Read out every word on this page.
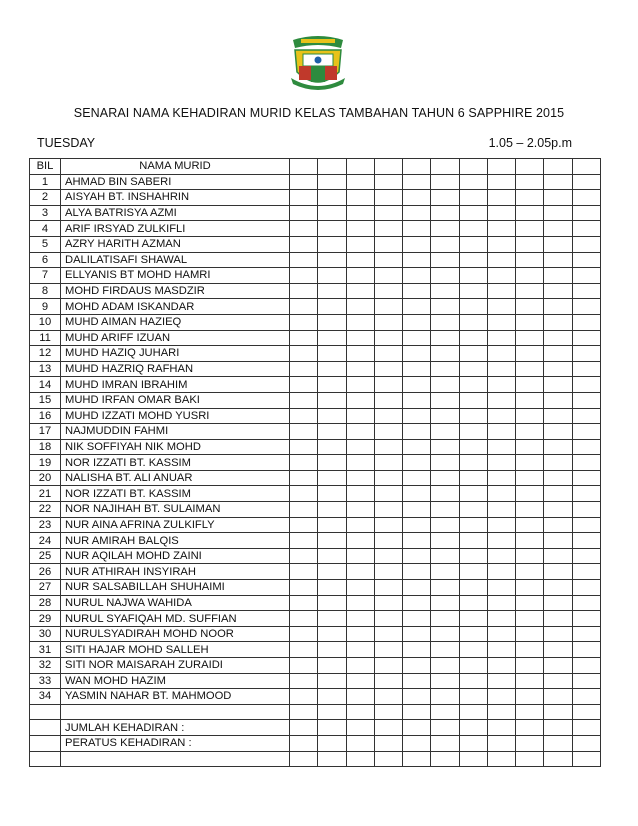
SENARAI NAMA KEHADIRAN MURID KELAS TAMBAHAN TAHUN 6 SAPPHIRE 2015
TUESDAY	1.05 – 2.05p.m
BIL	NAMA MURID											
1	AHMAD BIN SABERI											
2	AISYAH BT. INSHAHRIN											
3	ALYA BATRISYA AZMI											
4	ARIF IRSYAD ZULKIFLI											
5	AZRY HARITH AZMAN											
6	DALILATISAFI SHAWAL											
7	ELLYANIS BT MOHD HAMRI											
8	MOHD FIRDAUS MASDZIR											
9	MOHD ADAM ISKANDAR											
10	MUHD AIMAN HAZIEQ											
11	MUHD ARIFF IZUAN											
12	MUHD HAZIQ JUHARI											
13	MUHD HAZRIQ RAFHAN											
14	MUHD IMRAN IBRAHIM											
15	MUHD IRFAN OMAR BAKI											
16	MUHD IZZATI MOHD YUSRI											
17	NAJMUDDIN FAHMI											
18	NIK SOFFIYAH NIK MOHD											
19	NOR IZZATI BT. KASSIM											
20	NALISHA BT. ALI ANUAR											
21	NOR IZZATI BT. KASSIM											
22	NOR NAJIHAH BT. SULAIMAN											
23	NUR AINA AFRINA ZULKIFLY											
24	NUR AMIRAH BALQIS											
25	NUR AQILAH MOHD ZAINI											
26	NUR ATHIRAH INSYIRAH											
27	NUR SALSABILLAH SHUHAIMI											
28	NURUL NAJWA WAHIDA											
29	NURUL SYAFIQAH MD. SUFFIAN											
30	NURULSYADIRAH MOHD NOOR											
31	SITI HAJAR MOHD SALLEH											
32	SITI NOR MAISARAH ZURAIDI											
33	WAN MOHD HAZIM											
34	YASMIN NAHAR BT. MAHMOOD											

	JUMLAH KEHADIRAN :											
	PERATUS KEHADIRAN :											
